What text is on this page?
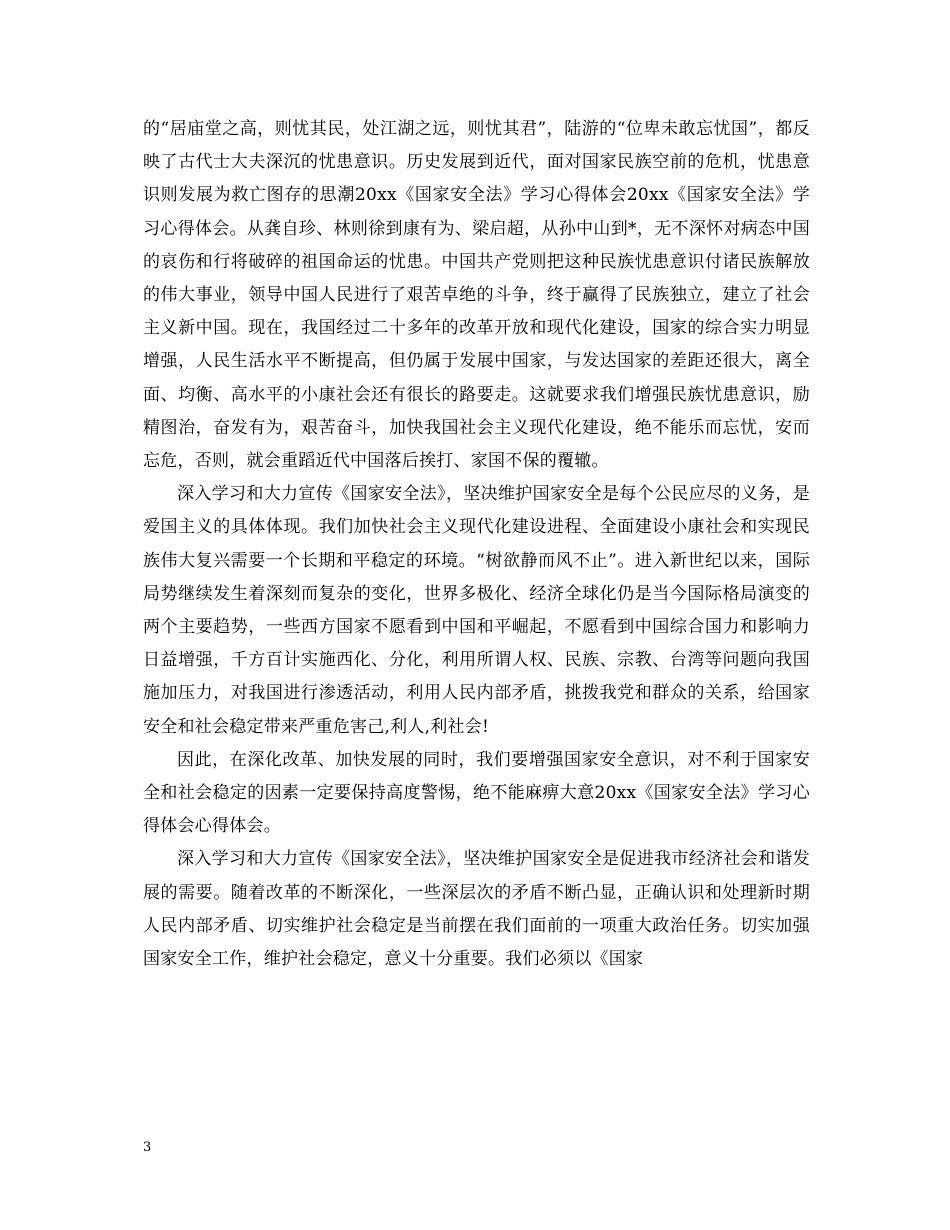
的“居庙堂之高，则忧其民，处江湖之远，则忧其君”，陆游的“位卑未敢忘忧国”，都反映了古代士大夫深沉的忧患意识。历史发展到近代，面对国家民族空前的危机，忧患意识则发展为救亡图存的思潮20xx《国家安全法》学习心得体会20xx《国家安全法》学习心得体会。从龚自珍、林则徐到康有为、梁启超，从孙中山到*，无不深怀对病态中国的哀伤和行将破碎的祖国命运的忧患。中国共产党则把这种民族忧患意识付诸民族解放的伟大事业，领导中国人民进行了艰苦卓绝的斗争，终于赢得了民族独立，建立了社会主义新中国。现在，我国经过二十多年的改革开放和现代化建设，国家的综合实力明显增强，人民生活水平不断提高，但仍属于发展中国家，与发达国家的差距还很大，离全面、均衡、高水平的小康社会还有很长的路要走。这就要求我们增强民族忧患意识，励精图治，奋发有为，艰苦奋斗，加快我国社会主义现代化建设，绝不能乐而忘忧，安而忘危，否则，就会重蹈近代中国落后挨打、家国不保的覆辙。

深入学习和大力宣传《国家安全法》，坚决维护国家安全是每个公民应尽的义务，是爱国主义的具体体现。我们加快社会主义现代化建设进程、全面建设小康社会和实现民族伟大复兴需要一个长期和平稳定的环境。“树欲静而风不止”。进入新世纪以来，国际局势继续发生着深刻而复杂的变化，世界多极化、经济全球化仍是当今国际格局演变的两个主要趋势，一些西方国家不愿看到中国和平崛起，不愿看到中国综合国力和影响力日益增强，千方百计实施西化、分化，利用所谓人权、民族、宗教、台湾等问题向我国施加压力，对我国进行渗透活动，利用人民内部矛盾，挑拨我党和群众的关系，给国家安全和社会稳定带来严重危害己,利人,利社会!

因此，在深化改革、加快发展的同时，我们要增强国家安全意识，对不利于国家安全和社会稳定的因素一定要保持高度警惕，绝不能麻痹大意20xx《国家安全法》学习心得体会心得体会。

深入学习和大力宣传《国家安全法》，坚决维护国家安全是促进我市经济社会和谐发展的需要。随着改革的不断深化，一些深层次的矛盾不断凸显，正确认识和处理新时期人民内部矛盾、切实维护社会稳定是当前摆在我们面前的一项重大政治任务。切实加强国家安全工作，维护社会稳定，意义十分重要。我们必须以《国家

3
